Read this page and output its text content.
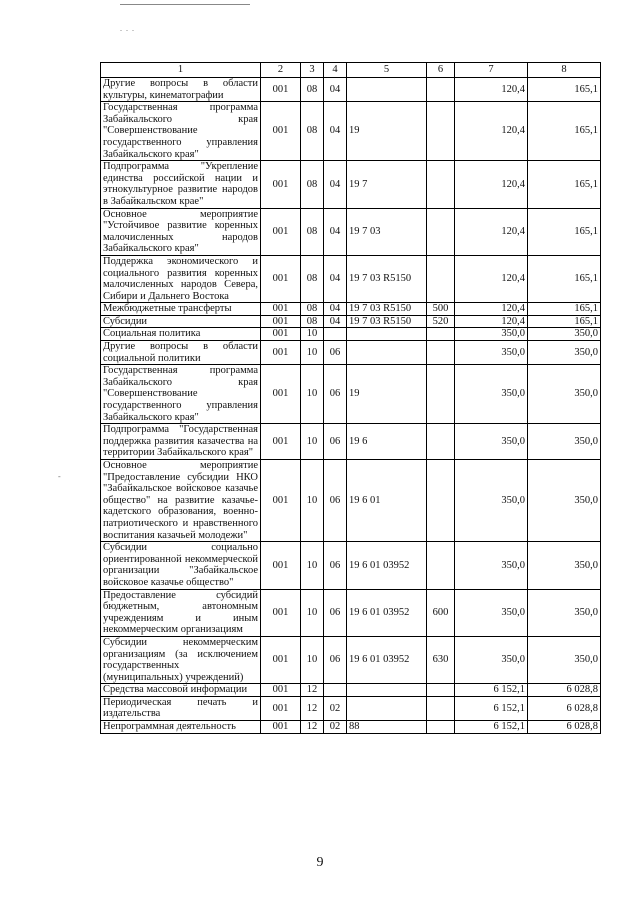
. . .
-
1	2	3	4	5	6	7	8
Другие вопросы в области культуры, кинематографии	001	08	04			120,4	165,1
Государственная программа Забайкальского края "Совершенствование государственного управления Забайкальского края"	001	08	04	19		120,4	165,1
Подпрограмма "Укрепление единства российской нации и этнокультурное развитие народов в Забайкальском крае"	001	08	04	19 7		120,4	165,1
Основное мероприятие "Устойчивое развитие коренных малочисленных народов Забайкальского края"	001	08	04	19 7 03		120,4	165,1
Поддержка экономического и социального развития коренных малочисленных народов Севера, Сибири и Дальнего Востока	001	08	04	19 7 03 R5150		120,4	165,1
Межбюджетные трансферты	001	08	04	19 7 03 R5150	500	120,4	165,1
Субсидии	001	08	04	19 7 03 R5150	520	120,4	165,1
Социальная политика	001	10				350,0	350,0
Другие вопросы в области социальной политики	001	10	06			350,0	350,0
Государственная программа Забайкальского края "Совершенствование государственного управления Забайкальского края"	001	10	06	19		350,0	350,0
Подпрограмма "Государственная поддержка развития казачества на территории Забайкальского края"	001	10	06	19 6		350,0	350,0
Основное мероприятие "Предоставление субсидии НКО "Забайкальское войсковое казачье общество" на развитие казачье-кадетского образования, военно-патриотического и нравственного воспитания казачьей молодежи"	001	10	06	19 6 01		350,0	350,0
Субсидии социально ориентированной некоммерческой организации "Забайкальское войсковое казачье общество"	001	10	06	19 6 01 03952		350,0	350,0
Предоставление субсидий бюджетным, автономным учреждениям и иным некоммерческим организациям	001	10	06	19 6 01 03952	600	350,0	350,0
Субсидии некоммерческим организациям (за исключением государственных (муниципальных) учреждений)	001	10	06	19 6 01 03952	630	350,0	350,0
Средства массовой информации	001	12				6 152,1	6 028,8
Периодическая печать и издательства	001	12	02			6 152,1	6 028,8
Непрограммная деятельность	001	12	02	88		6 152,1	6 028,8
9
